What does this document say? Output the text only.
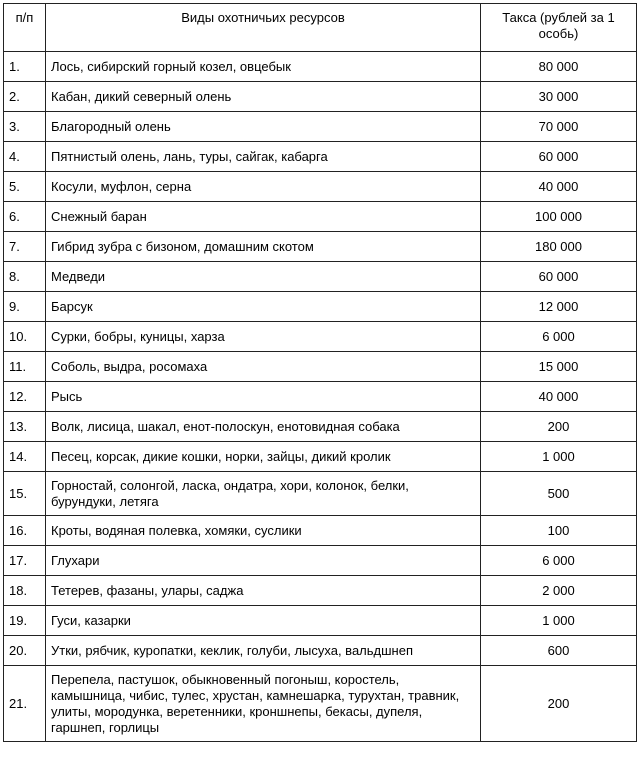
п/п	Виды охотничьих ресурсов	Такса (рублей за 1 особь)
1.	Лось, сибирский горный козел, овцебык	80 000
2.	Кабан, дикий северный олень	30 000
3.	Благородный олень	70 000
4.	Пятнистый олень, лань, туры, сайгак, кабарга	60 000
5.	Косули, муфлон, серна	40 000
6.	Снежный баран	100 000
7.	Гибрид зубра с бизоном, домашним скотом	180 000
8.	Медведи	60 000
9.	Барсук	12 000
10.	Сурки, бобры, куницы, харза	6 000
11.	Соболь, выдра, росомаха	15 000
12.	Рысь	40 000
13.	Волк, лисица, шакал, енот-полоскун, енотовидная собака	200
14.	Песец, корсак, дикие кошки, норки, зайцы, дикий кролик	1 000
15.	Горностай, солонгой, ласка, ондатра, хори, колонок, белки, бурундуки, летяга	500
16.	Кроты, водяная полевка, хомяки, суслики	100
17.	Глухари	6 000
18.	Тетерев, фазаны, улары, саджа	2 000
19.	Гуси, казарки	1 000
20.	Утки, рябчик, куропатки, кеклик, голуби, лысуха, вальдшнеп	600
21.	Перепела, пастушок, обыкновенный погоныш, коростель, камышница, чибис, тулес, хрустан, камнешарка, турухтан, травник, улиты, мородунка, веретенники, кроншнепы, бекасы, дупеля, гаршнеп, горлицы	200
